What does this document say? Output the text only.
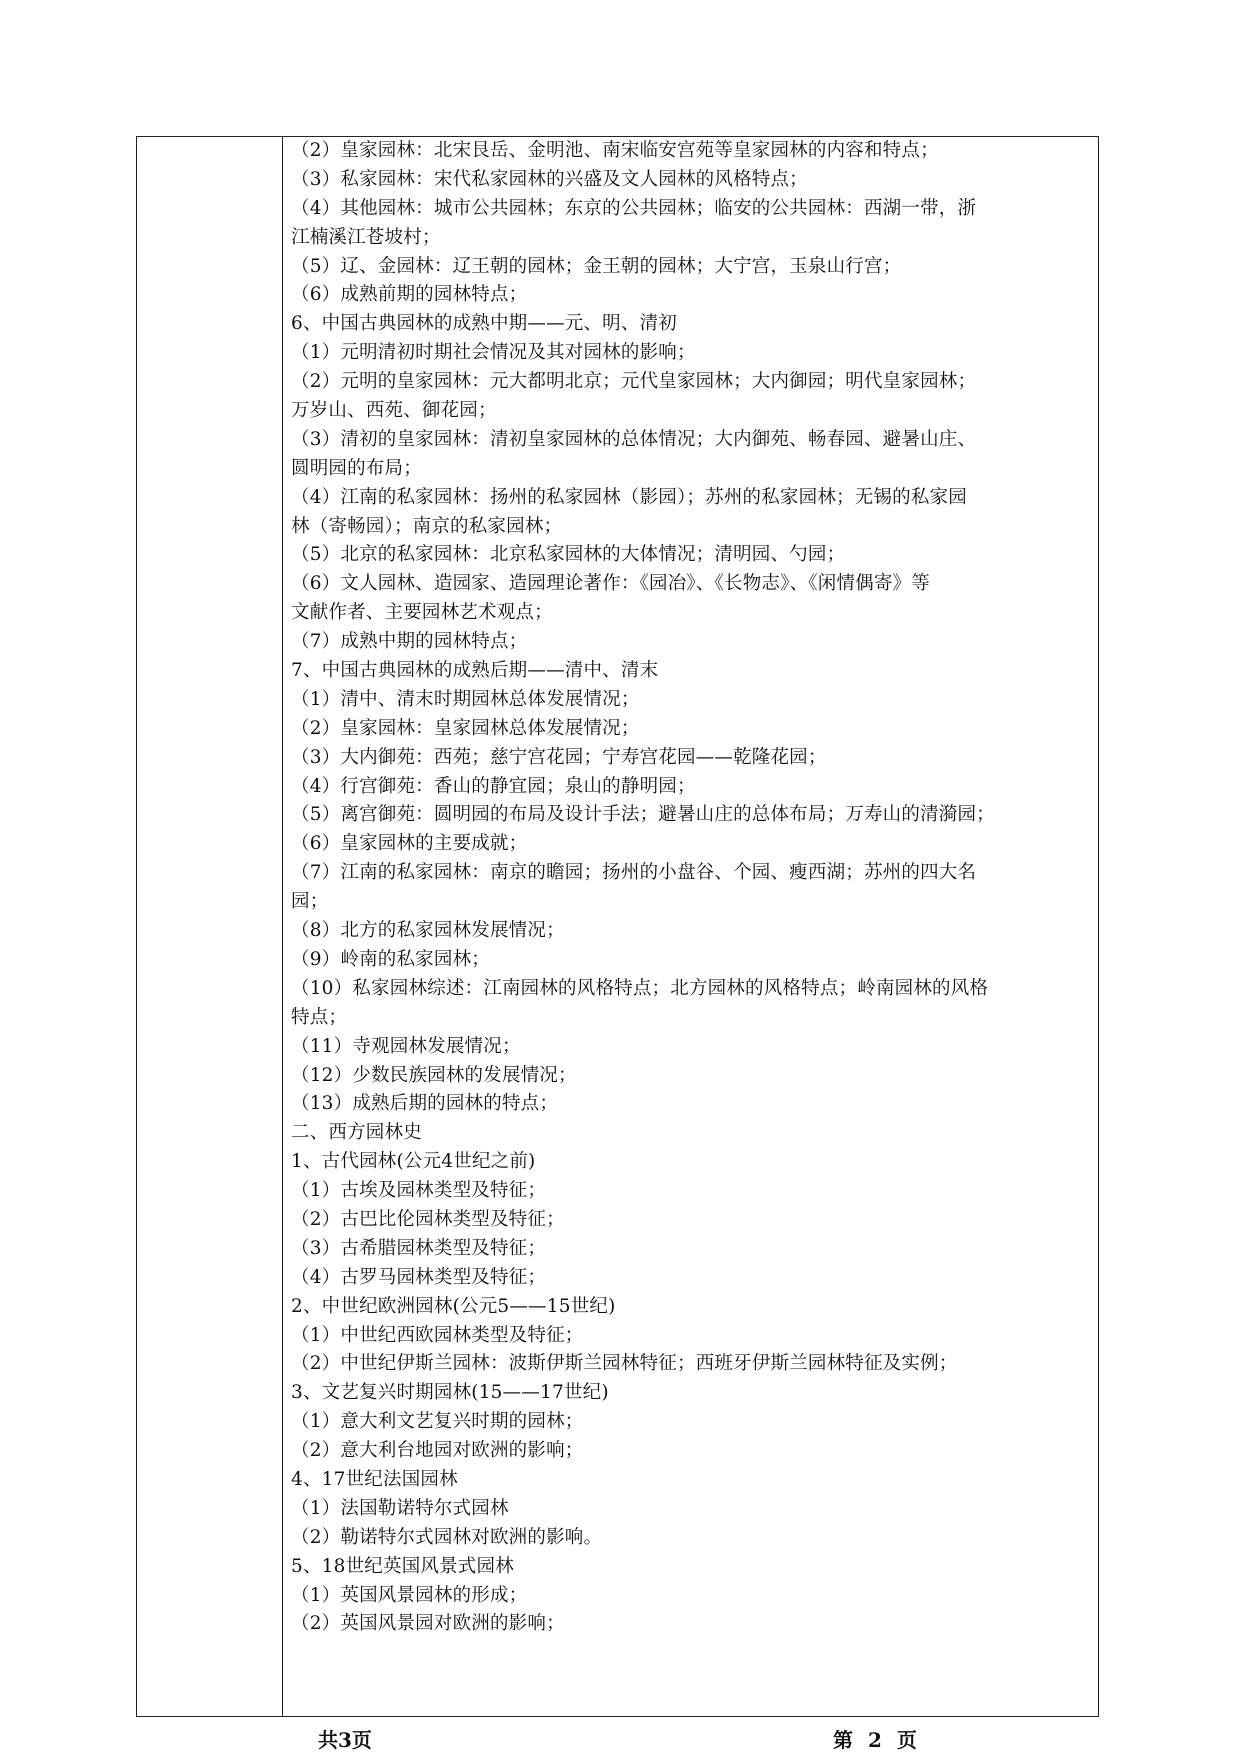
（2）皇家园林：北宋艮岳、金明池、南宋临安宫苑等皇家园林的内容和特点；
（3）私家园林：宋代私家园林的兴盛及文人园林的风格特点；
（4）其他园林：城市公共园林；东京的公共园林；临安的公共园林：西湖一带，浙
江楠溪江苍坡村；
（5）辽、金园林：辽王朝的园林；金王朝的园林；大宁宫，玉泉山行宫；
（6）成熟前期的园林特点；
6、中国古典园林的成熟中期——元、明、清初
（1）元明清初时期社会情况及其对园林的影响；
（2）元明的皇家园林：元大都明北京；元代皇家园林；大内御园；明代皇家园林；
万岁山、西苑、御花园；
（3）清初的皇家园林：清初皇家园林的总体情况；大内御苑、畅春园、避暑山庄、
圆明园的布局；
（4）江南的私家园林：扬州的私家园林（影园）；苏州的私家园林；无锡的私家园
林（寄畅园）；南京的私家园林；
（5）北京的私家园林：北京私家园林的大体情况；清明园、勺园；
（6）文人园林、造园家、造园理论著作：《园冶》、《长物志》、《闲情偶寄》等
文献作者、主要园林艺术观点；
（7）成熟中期的园林特点；
7、中国古典园林的成熟后期——清中、清末
（1）清中、清末时期园林总体发展情况；
（2）皇家园林：皇家园林总体发展情况；
（3）大内御苑：西苑；慈宁宫花园；宁寿宫花园——乾隆花园；
（4）行宫御苑：香山的静宜园；泉山的静明园；
（5）离宫御苑：圆明园的布局及设计手法；避暑山庄的总体布局；万寿山的清漪园；
（6）皇家园林的主要成就；
（7）江南的私家园林：南京的瞻园；扬州的小盘谷、个园、瘦西湖；苏州的四大名
园；
（8）北方的私家园林发展情况；
（9）岭南的私家园林；
（10）私家园林综述：江南园林的风格特点；北方园林的风格特点；岭南园林的风格
特点；
（11）寺观园林发展情况；
（12）少数民族园林的发展情况；
（13）成熟后期的园林的特点；
二、西方园林史
1、古代园林(公元4世纪之前)
（1）古埃及园林类型及特征；
（2）古巴比伦园林类型及特征；
（3）古希腊园林类型及特征；
（4）古罗马园林类型及特征；
2、中世纪欧洲园林(公元5——15世纪)
（1）中世纪西欧园林类型及特征；
（2）中世纪伊斯兰园林：波斯伊斯兰园林特征；西班牙伊斯兰园林特征及实例；
3、文艺复兴时期园林(15——17世纪)
（1）意大利文艺复兴时期的园林；
（2）意大利台地园对欧洲的影响；
4、17世纪法国园林
（1）法国勒诺特尔式园林
（2）勒诺特尔式园林对欧洲的影响。
5、18世纪英国风景式园林
（1）英国风景园林的形成；
（2）英国风景园对欧洲的影响；
共3页	第 2 页
